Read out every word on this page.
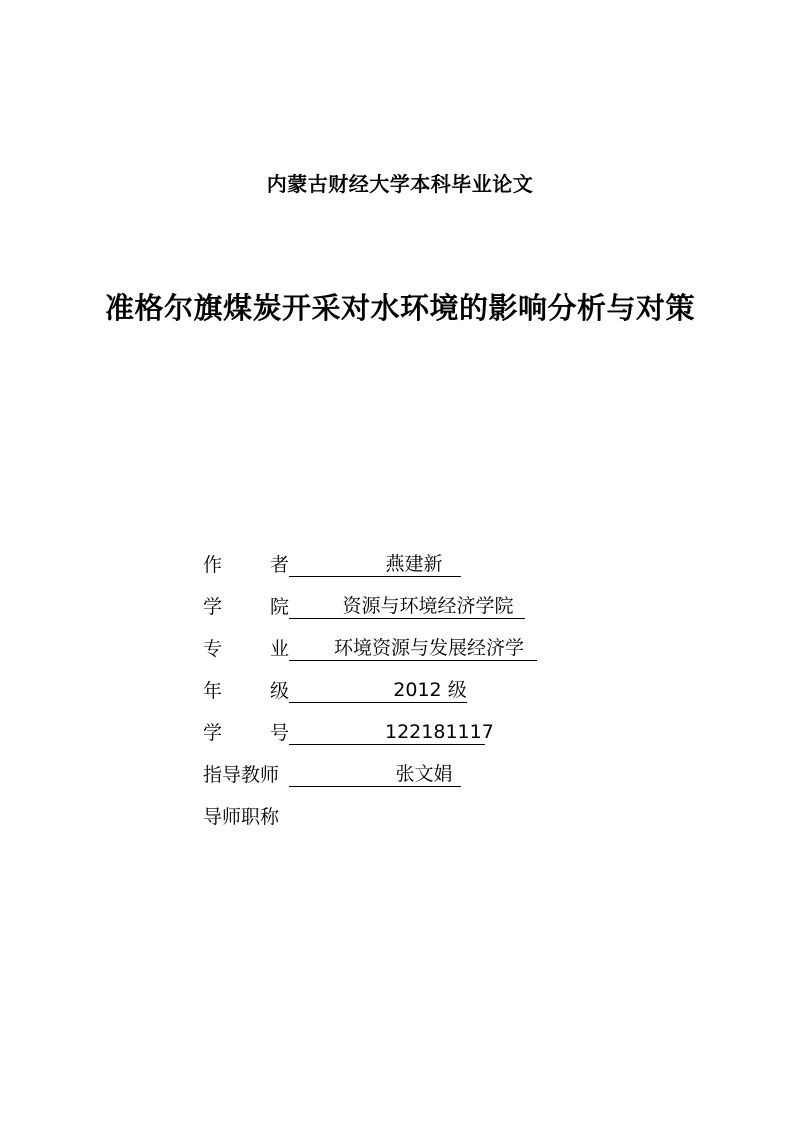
内蒙古财经大学本科毕业论文
准格尔旗煤炭开采对水环境的影响分析与对策
作	者	燕建新
学	院	资源与环境经济学院
专	业	环境资源与发展经济学
年	级	2012 级
学	号	122181117
指导教师	张文娟
导师职称
